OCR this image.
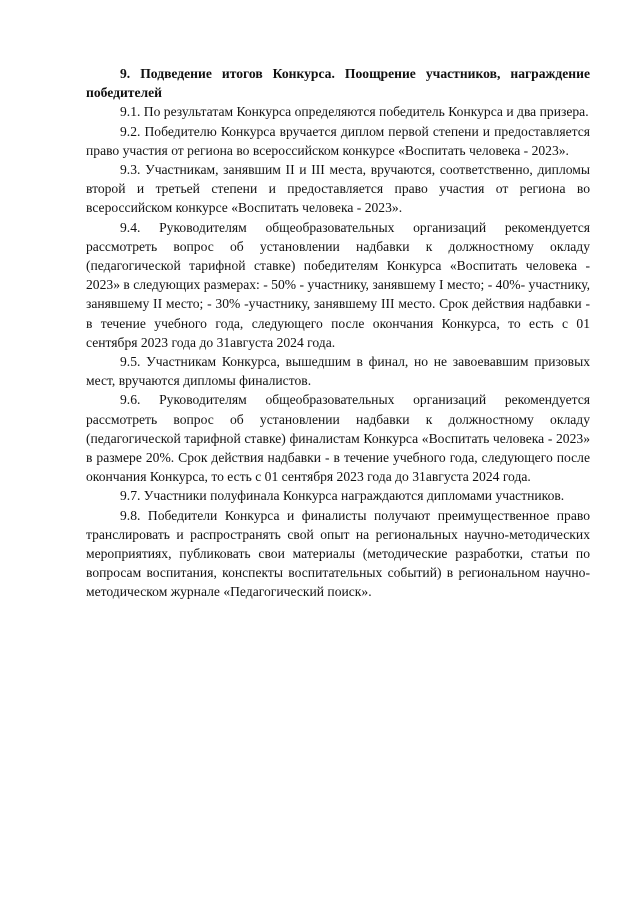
9. Подведение итогов Конкурса. Поощрение участников, награждение победителей

9.1. По результатам Конкурса определяются победитель Конкурса и два призера.

9.2. Победителю Конкурса вручается диплом первой степени и предоставляется право участия от региона во всероссийском конкурсе «Воспитать человека - 2023».

9.3. Участникам, занявшим II и III места, вручаются, соответственно, дипломы второй и третьей степени и предоставляется право участия от региона во всероссийском конкурсе «Воспитать человека - 2023».

9.4. Руководителям общеобразовательных организаций рекомендуется рассмотреть вопрос об установлении надбавки к должностному окладу (педагогической тарифной ставке) победителям Конкурса «Воспитать человека - 2023» в следующих размерах: - 50% - участнику, занявшему I место; - 40%- участнику, занявшему II место; - 30% -участнику, занявшему III место. Срок действия надбавки - в течение учебного года, следующего после окончания Конкурса, то есть с 01 сентября 2023 года до 31августа 2024 года.

9.5. Участникам Конкурса, вышедшим в финал, но не завоевавшим призовых мест, вручаются дипломы финалистов.

9.6. Руководителям общеобразовательных организаций рекомендуется рассмотреть вопрос об установлении надбавки к должностному окладу (педагогической тарифной ставке) финалистам Конкурса «Воспитать человека - 2023» в размере 20%. Срок действия надбавки - в течение учебного года, следующего после окончания Конкурса, то есть с 01 сентября 2023 года до 31августа 2024 года.

9.7. Участники полуфинала Конкурса награждаются дипломами участников.

9.8. Победители Конкурса и финалисты получают преимущественное право транслировать и распространять свой опыт на региональных научно-методических мероприятиях, публиковать свои материалы (методические разработки, статьи по вопросам воспитания, конспекты воспитательных событий) в региональном научно-методическом журнале «Педагогический поиск».
